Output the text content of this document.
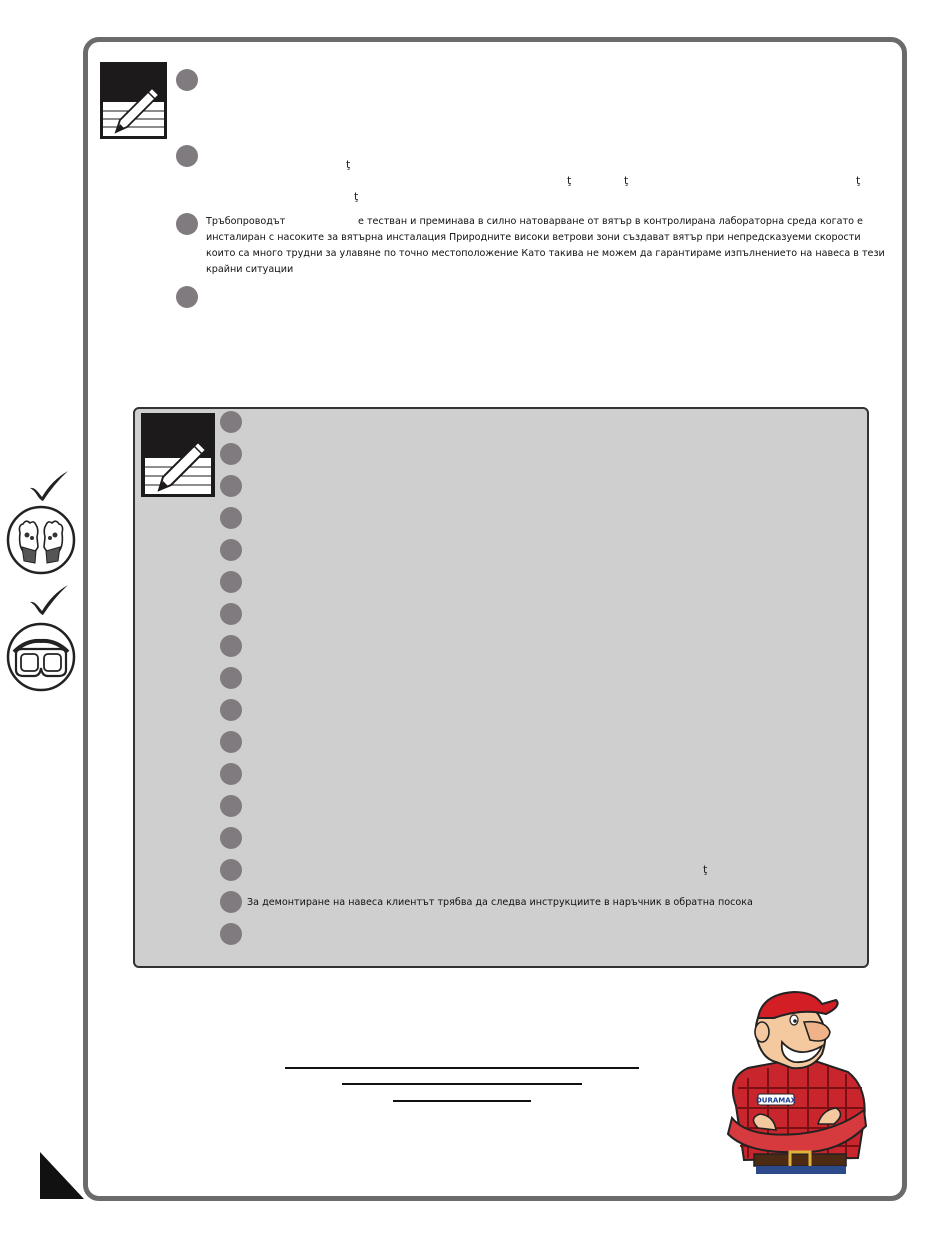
ţ
ţ	ţ	ţ
ţ
Тръбопроводът	е тестван и преминава в силно натоварване от вятър в контролирана лабораторна среда когато е
инсталиран с насоките за вятърна инсталация Природните високи ветрови зони създават вятър при непредсказуеми скорости
които са много трудни за улавяне по точно местоположение Като такива не можем да гарантираме изпълнението на навеса в тези
крайни ситуации
ţ
За демонтиране на навеса клиентът трябва да следва инструкциите в наръчник в обратна посока
DURAMAX
